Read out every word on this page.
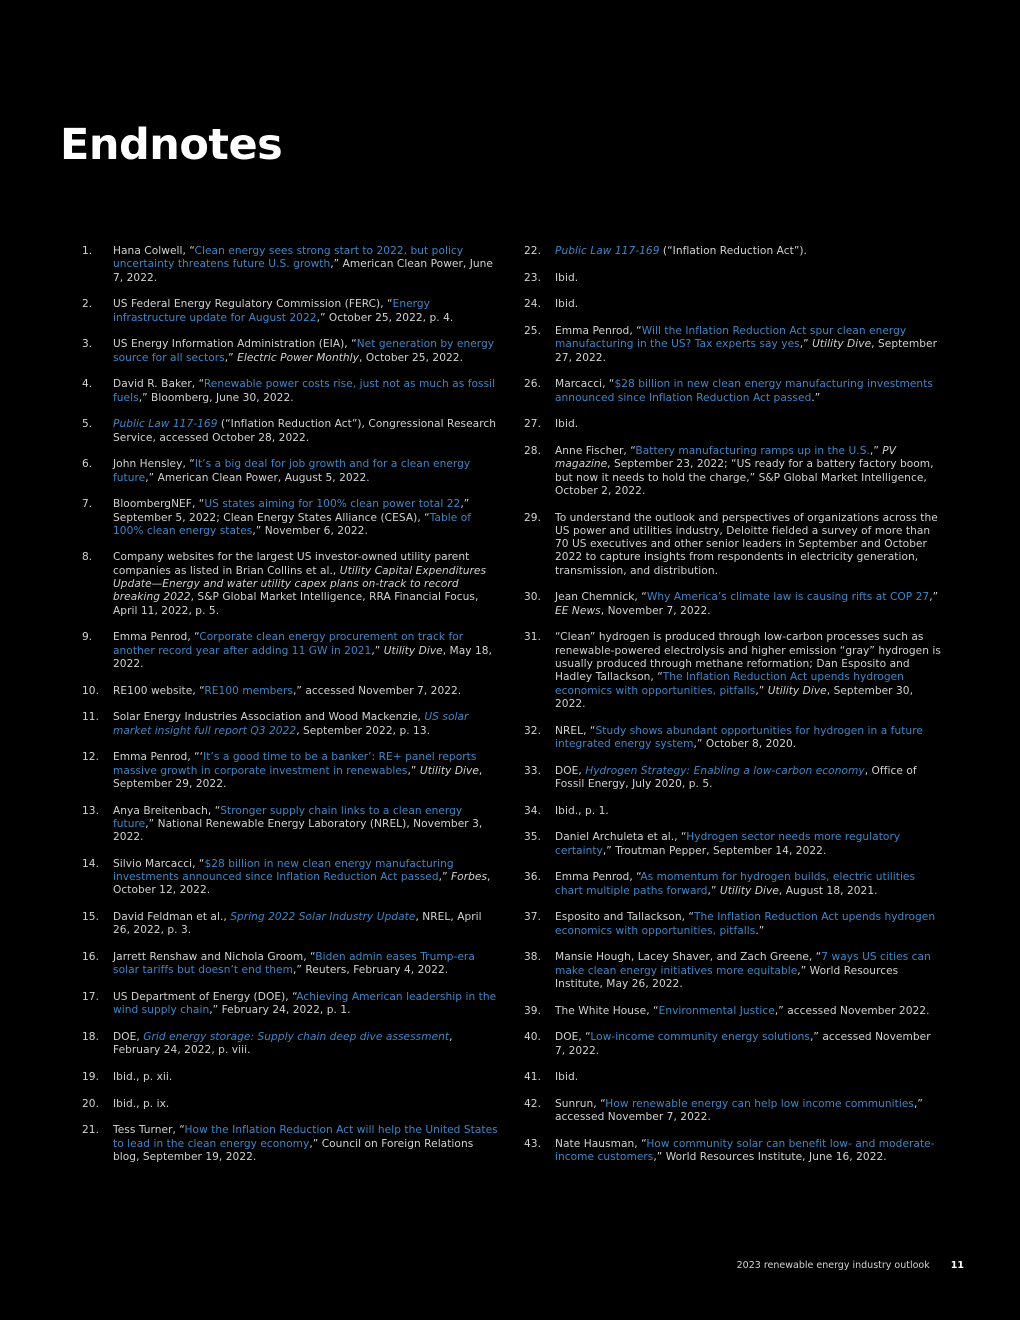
Endnotes
1.	Hana Colwell, “Clean energy sees strong start to 2022, but policy uncertainty threatens future U.S. growth,” American Clean Power, June 7, 2022.
2.	US Federal Energy Regulatory Commission (FERC), “Energy infrastructure update for August 2022,” October 25, 2022, p. 4.
3.	US Energy Information Administration (EIA), “Net generation by energy source for all sectors,” Electric Power Monthly, October 25, 2022.
4.	David R. Baker, “Renewable power costs rise, just not as much as fossil fuels,” Bloomberg, June 30, 2022.
5.	Public Law 117-169 (“Inflation Reduction Act”), Congressional Research Service, accessed October 28, 2022.
6.	John Hensley, “It’s a big deal for job growth and for a clean energy future,” American Clean Power, August 5, 2022.
7.	BloombergNEF, “US states aiming for 100% clean power total 22,” September 5, 2022; Clean Energy States Alliance (CESA), “Table of 100% clean energy states,” November 6, 2022.
8.	Company websites for the largest US investor-owned utility parent companies as listed in Brian Collins et al., Utility Capital Expenditures Update—Energy and water utility capex plans on-track to record breaking 2022, S&P Global Market Intelligence, RRA Financial Focus, April 11, 2022, p. 5.
9.	Emma Penrod, “Corporate clean energy procurement on track for another record year after adding 11 GW in 2021,” Utility Dive, May 18, 2022.
10.	RE100 website, “RE100 members,” accessed November 7, 2022.
11.	Solar Energy Industries Association and Wood Mackenzie, US solar market insight full report Q3 2022, September 2022, p. 13.
12.	Emma Penrod, “‘It’s a good time to be a banker’: RE+ panel reports massive growth in corporate investment in renewables,” Utility Dive, September 29, 2022.
13.	Anya Breitenbach, “Stronger supply chain links to a clean energy future,” National Renewable Energy Laboratory (NREL), November 3, 2022.
14.	Silvio Marcacci, “$28 billion in new clean energy manufacturing investments announced since Inflation Reduction Act passed,” Forbes, October 12, 2022.
15.	David Feldman et al., Spring 2022 Solar Industry Update, NREL, April 26, 2022, p. 3.
16.	Jarrett Renshaw and Nichola Groom, “Biden admin eases Trump-era solar tariffs but doesn’t end them,” Reuters, February 4, 2022.
17.	US Department of Energy (DOE), “Achieving American leadership in the wind supply chain,” February 24, 2022, p. 1.
18.	DOE, Grid energy storage: Supply chain deep dive assessment, February 24, 2022, p. viii.
19.	Ibid., p. xii.
20.	Ibid., p. ix.
21.	Tess Turner, “How the Inflation Reduction Act will help the United States to lead in the clean energy economy,” Council on Foreign Relations blog, September 19, 2022.
22.	Public Law 117-169 (“Inflation Reduction Act”).
23.	Ibid.
24.	Ibid.
25.	Emma Penrod, “Will the Inflation Reduction Act spur clean energy manufacturing in the US? Tax experts say yes,” Utility Dive, September 27, 2022.
26.	Marcacci, “$28 billion in new clean energy manufacturing investments announced since Inflation Reduction Act passed.”
27.	Ibid.
28.	Anne Fischer, “Battery manufacturing ramps up in the U.S.,” PV magazine, September 23, 2022; “US ready for a battery factory boom, but now it needs to hold the charge,” S&P Global Market Intelligence, October 2, 2022.
29.	To understand the outlook and perspectives of organizations across the US power and utilities industry, Deloitte fielded a survey of more than 70 US executives and other senior leaders in September and October 2022 to capture insights from respondents in electricity generation, transmission, and distribution.
30.	Jean Chemnick, “Why America’s climate law is causing rifts at COP 27,” EE News, November 7, 2022.
31.	“Clean” hydrogen is produced through low-carbon processes such as renewable-powered electrolysis and higher emission “gray” hydrogen is usually produced through methane reformation; Dan Esposito and Hadley Tallackson, “The Inflation Reduction Act upends hydrogen economics with opportunities, pitfalls,” Utility Dive, September 30, 2022.
32.	NREL, “Study shows abundant opportunities for hydrogen in a future integrated energy system,” October 8, 2020.
33.	DOE, Hydrogen Strategy: Enabling a low-carbon economy, Office of Fossil Energy, July 2020, p. 5.
34.	Ibid., p. 1.
35.	Daniel Archuleta et al., “Hydrogen sector needs more regulatory certainty,” Troutman Pepper, September 14, 2022.
36.	Emma Penrod, “As momentum for hydrogen builds, electric utilities chart multiple paths forward,” Utility Dive, August 18, 2021.
37.	Esposito and Tallackson, “The Inflation Reduction Act upends hydrogen economics with opportunities, pitfalls.”
38.	Mansie Hough, Lacey Shaver, and Zach Greene, “7 ways US cities can make clean energy initiatives more equitable,” World Resources Institute, May 26, 2022.
39.	The White House, “Environmental Justice,” accessed November 2022.
40.	DOE, “Low-income community energy solutions,” accessed November 7, 2022.
41.	Ibid.
42.	Sunrun, “How renewable energy can help low income communities,” accessed November 7, 2022.
43.	Nate Hausman, “How community solar can benefit low- and moderate-income customers,” World Resources Institute, June 16, 2022.
2023 renewable energy industry outlook 11
